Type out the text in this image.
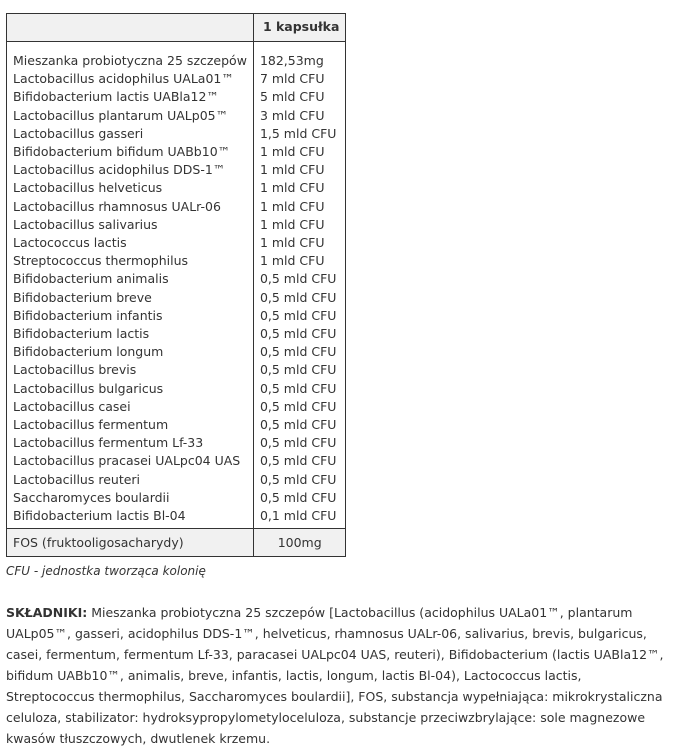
	1 kapsułka

Mieszanka probiotyczna 25 szczepów	182,53mg
Lactobacillus acidophilus UALa01™	7 mld CFU
Bifidobacterium lactis UABla12™	5 mld CFU
Lactobacillus plantarum UALp05™	3 mld CFU
Lactobacillus gasseri	1,5 mld CFU
Bifidobacterium bifidum UABb10™	1 mld CFU
Lactobacillus acidophilus DDS-1™	1 mld CFU
Lactobacillus helveticus	1 mld CFU
Lactobacillus rhamnosus UALr-06	1 mld CFU
Lactobacillus salivarius	1 mld CFU
Lactococcus lactis	1 mld CFU
Streptococcus thermophilus	1 mld CFU
Bifidobacterium animalis	0,5 mld CFU
Bifidobacterium breve	0,5 mld CFU
Bifidobacterium infantis	0,5 mld CFU
Bifidobacterium lactis	0,5 mld CFU
Bifidobacterium longum	0,5 mld CFU
Lactobacillus brevis	0,5 mld CFU
Lactobacillus bulgaricus	0,5 mld CFU
Lactobacillus casei	0,5 mld CFU
Lactobacillus fermentum	0,5 mld CFU
Lactobacillus fermentum Lf-33	0,5 mld CFU
Lactobacillus pracasei UALpc04 UAS	0,5 mld CFU
Lactobacillus reuteri	0,5 mld CFU
Saccharomyces boulardii	0,5 mld CFU
Bifidobacterium lactis Bl-04	0,1 mld CFU
FOS (fruktooligosacharydy)	100mg
CFU - jednostka tworząca kolonię
SKŁADNIKI: Mieszanka probiotyczna 25 szczepów [Lactobacillus (acidophilus UALa01™, plantarum UALp05™, gasseri, acidophilus DDS-1™, helveticus, rhamnosus UALr-06, salivarius, brevis, bulgaricus, casei, fermentum, fermentum Lf-33, paracasei UALpc04 UAS, reuteri), Bifidobacterium (lactis UABla12™, bifidum UABb10™, animalis, breve, infantis, lactis, longum, lactis Bl-04), Lactococcus lactis, Streptococcus thermophilus, Saccharomyces boulardii], FOS, substancja wypełniająca: mikrokrystaliczna celuloza, stabilizator: hydroksypropylometyloceluloza, substancje przeciwzbrylające: sole magnezowe kwasów tłuszczowych, dwutlenek krzemu.
